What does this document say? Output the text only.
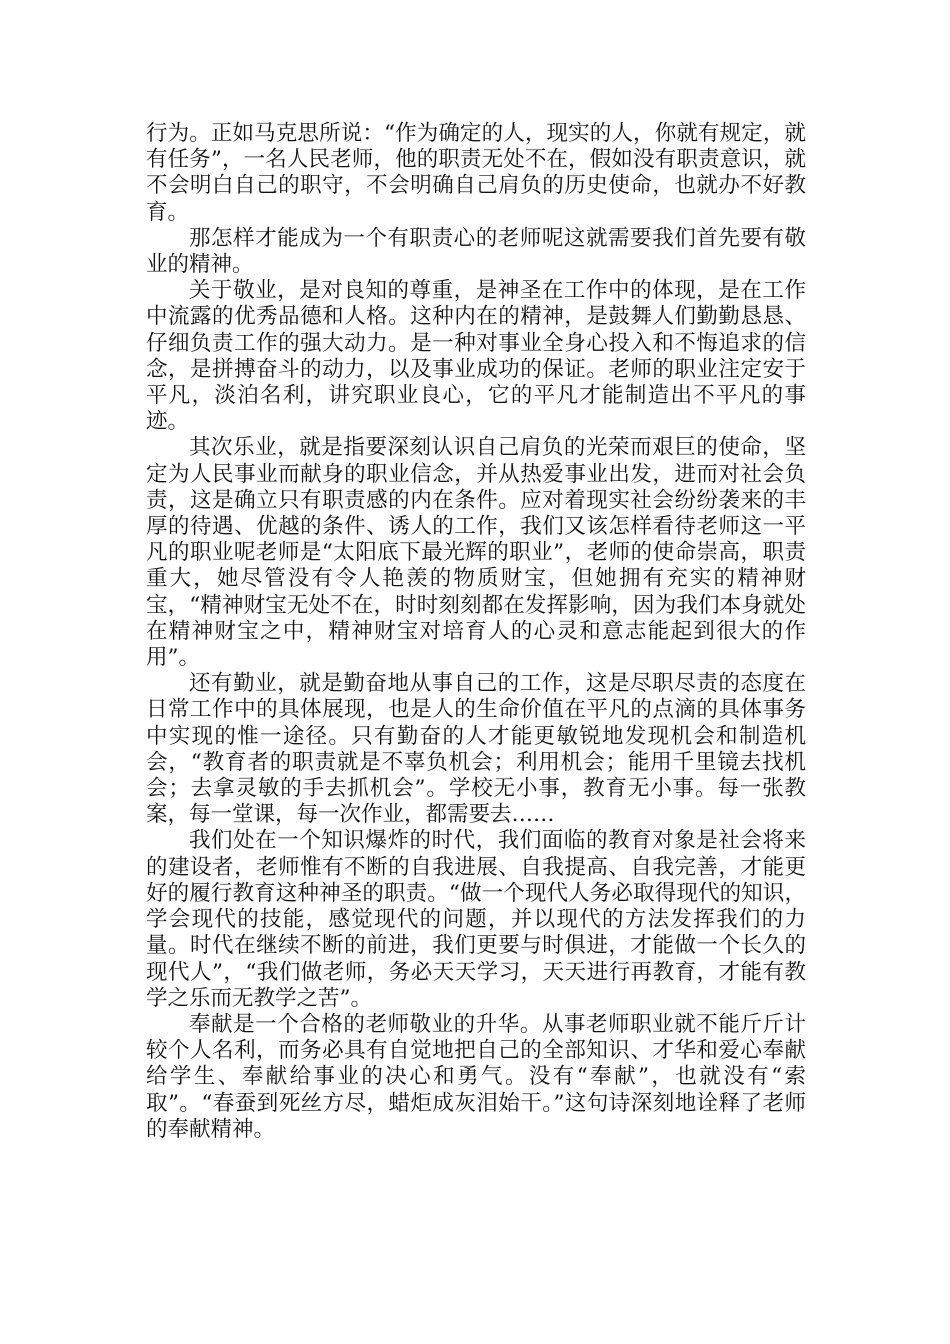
行为。正如马克思所说：“作为确定的人，现实的人，你就有规定，就有任务”，一名人民老师，他的职责无处不在，假如没有职责意识，就不会明白自己的职守，不会明确自己肩负的历史使命，也就办不好教育。

那怎样才能成为一个有职责心的老师呢这就需要我们首先要有敬业的精神。

关于敬业，是对良知的尊重，是神圣在工作中的体现，是在工作中流露的优秀品德和人格。这种内在的精神，是鼓舞人们勤勤恳恳、仔细负责工作的强大动力。是一种对事业全身心投入和不悔追求的信念，是拼搏奋斗的动力，以及事业成功的保证。老师的职业注定安于平凡，淡泊名利，讲究职业良心，它的平凡才能制造出不平凡的事迹。

其次乐业，就是指要深刻认识自己肩负的光荣而艰巨的使命，坚定为人民事业而献身的职业信念，并从热爱事业出发，进而对社会负责，这是确立只有职责感的内在条件。应对着现实社会纷纷袭来的丰厚的待遇、优越的条件、诱人的工作，我们又该怎样看待老师这一平凡的职业呢老师是“太阳底下最光辉的职业”，老师的使命崇高，职责重大，她尽管没有令人艳羡的物质财宝，但她拥有充实的精神财宝，“精神财宝无处不在，时时刻刻都在发挥影响，因为我们本身就处在精神财宝之中，精神财宝对培育人的心灵和意志能起到很大的作用”。

还有勤业，就是勤奋地从事自己的工作，这是尽职尽责的态度在日常工作中的具体展现，也是人的生命价值在平凡的点滴的具体事务中实现的惟一途径。只有勤奋的人才能更敏锐地发现机会和制造机会，“教育者的职责就是不辜负机会；利用机会；能用千里镜去找机会；去拿灵敏的手去抓机会”。学校无小事，教育无小事。每一张教案，每一堂课，每一次作业，都需要去……

我们处在一个知识爆炸的时代，我们面临的教育对象是社会将来的建设者，老师惟有不断的自我进展、自我提高、自我完善，才能更好的履行教育这种神圣的职责。“做一个现代人务必取得现代的知识，学会现代的技能，感觉现代的问题，并以现代的方法发挥我们的力量。时代在继续不断的前进，我们更要与时俱进，才能做一个长久的现代人”，“我们做老师，务必天天学习，天天进行再教育，才能有教学之乐而无教学之苦”。

奉献是一个合格的老师敬业的升华。从事老师职业就不能斤斤计较个人名利，而务必具有自觉地把自己的全部知识、才华和爱心奉献给学生、奉献给事业的决心和勇气。没有“奉献”，也就没有“索取”。“春蚕到死丝方尽，蜡炬成灰泪始干。”这句诗深刻地诠释了老师的奉献精神。
